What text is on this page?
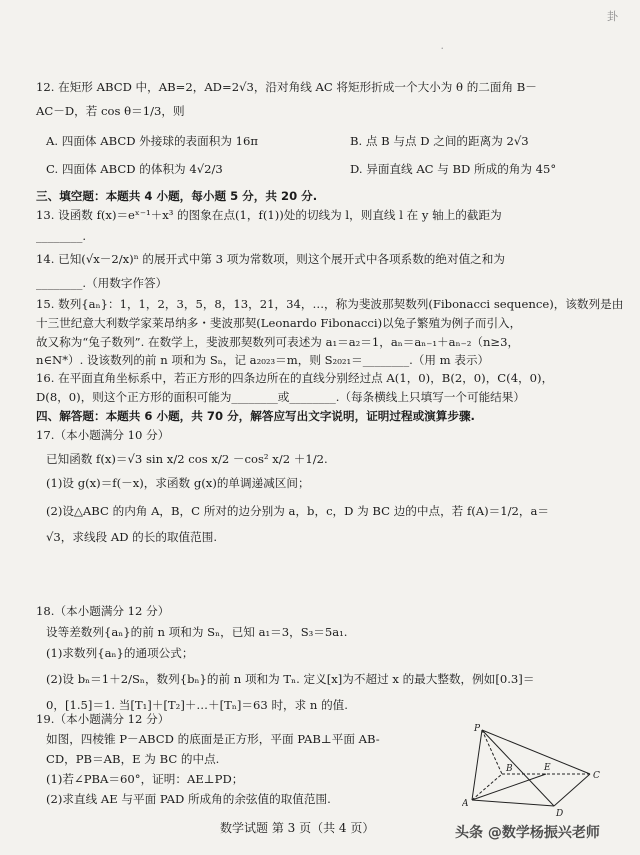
卦
·
12. 在矩形 ABCD 中，AB=2，AD=2√3，沿对角线 AC 将矩形折成一个大小为 θ 的二面角 B－
AC－D，若 cos θ＝1/3，则
A. 四面体 ABCD 外接球的表面积为 16π	B. 点 B 与点 D 之间的距离为 2√3
C. 四面体 ABCD 的体积为 4√2/3	D. 异面直线 AC 与 BD 所成的角为 45°
三、填空题：本题共 4 小题，每小题 5 分，共 20 分.
13. 设函数 f(x)＝eˣ⁻¹＋x³ 的图象在点(1，f(1))处的切线为 l，则直线 l 在 y 轴上的截距为
________.
14. 已知(√x－2/x)ⁿ 的展开式中第 3 项为常数项，则这个展开式中各项系数的绝对值之和为
________.（用数字作答）
15. 数列{aₙ}：1，1，2，3，5，8，13，21，34，…，称为斐波那契数列(Fibonacci sequence)，该数列是由
十三世纪意大利数学家莱昂纳多・斐波那契(Leonardo Fibonacci)以兔子繁殖为例子而引入，
故又称为“兔子数列”. 在数学上，斐波那契数列可表述为 a₁＝a₂＝1，aₙ＝aₙ₋₁＋aₙ₋₂（n≥3，
n∈N*）. 设该数列的前 n 项和为 Sₙ，记 a₂₀₂₃＝m，则 S₂₀₂₁＝________.（用 m 表示）
16. 在平面直角坐标系中，若正方形的四条边所在的直线分别经过点 A(1，0)，B(2，0)，C(4，0)，
D(8，0)，则这个正方形的面积可能为________或________.（每条横线上只填写一个可能结果）
四、解答题：本题共 6 小题，共 70 分，解答应写出文字说明，证明过程或演算步骤.
17.（本小题满分 10 分）
已知函数 f(x)＝√3 sin x/2 cos x/2 －cos² x/2 ＋1/2.
(1)设 g(x)＝f(－x)，求函数 g(x)的单调递减区间；
(2)设△ABC 的内角 A，B，C 所对的边分别为 a，b，c，D 为 BC 边的中点，若 f(A)＝1/2，a＝
√3，求线段 AD 的长的取值范围.
18.（本小题满分 12 分）
设等差数列{aₙ}的前 n 项和为 Sₙ，已知 a₁＝3，S₃＝5a₁.
(1)求数列{aₙ}的通项公式；
(2)设 bₙ＝1＋2/Sₙ，数列{bₙ}的前 n 项和为 Tₙ. 定义[x]为不超过 x 的最大整数，例如[0.3]＝
0，[1.5]＝1. 当[T₁]＋[T₂]＋…＋[Tₙ]＝63 时，求 n 的值.
19.（本小题满分 12 分）
如图，四棱锥 P－ABCD 的底面是正方形，平面 PAB⊥平面 AB-
CD，PB＝AB，E 为 BC 的中点.
(1)若∠PBA＝60°，证明：AE⊥PD；
(2)求直线 AE 与平面 PAD 所成角的余弦值的取值范围.
P
B	E
C
A
D
数学试题 第 3 页（共 4 页）	头条 @数学杨振兴老师
